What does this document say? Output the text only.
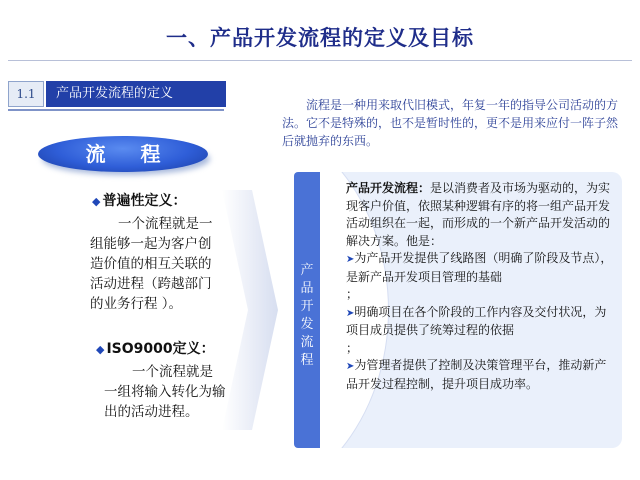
一、产品开发流程的定义及目标
1.1	产品开发流程的定义
流程是一种用来取代旧模式，年复一年的指导公司活动的方法。它不是特殊的，也不是暂时性的，更不是用来应付一阵子然后就抛弃的东西。
流 程
◆ 普遍性定义：
一个流程就是一
组能够一起为客户创
造价值的相互关联的
活动进程（跨越部门
的业务行程 ）。
◆ ISO9000定义：
一个流程就是
一组将输入转化为输
出的活动进程。
产
品
开
发
流
程

产品开发流程：是以消费者及市场为驱动的，为实现客户价值，依照某种逻辑有序的将一组产品开发活动组织在一起，而形成的一个新产品开发活动的解决方案。他是：

➤为产品开发提供了线路图（明确了阶段及节点），是新产品开发项目管理的基础

；

➤明确项目在各个阶段的工作内容及交付状况，为项目成员提供了统筹过程的依据

；

➤为管理者提供了控制及决策管理平台，推动新产品开发过程控制，提升项目成功率。
